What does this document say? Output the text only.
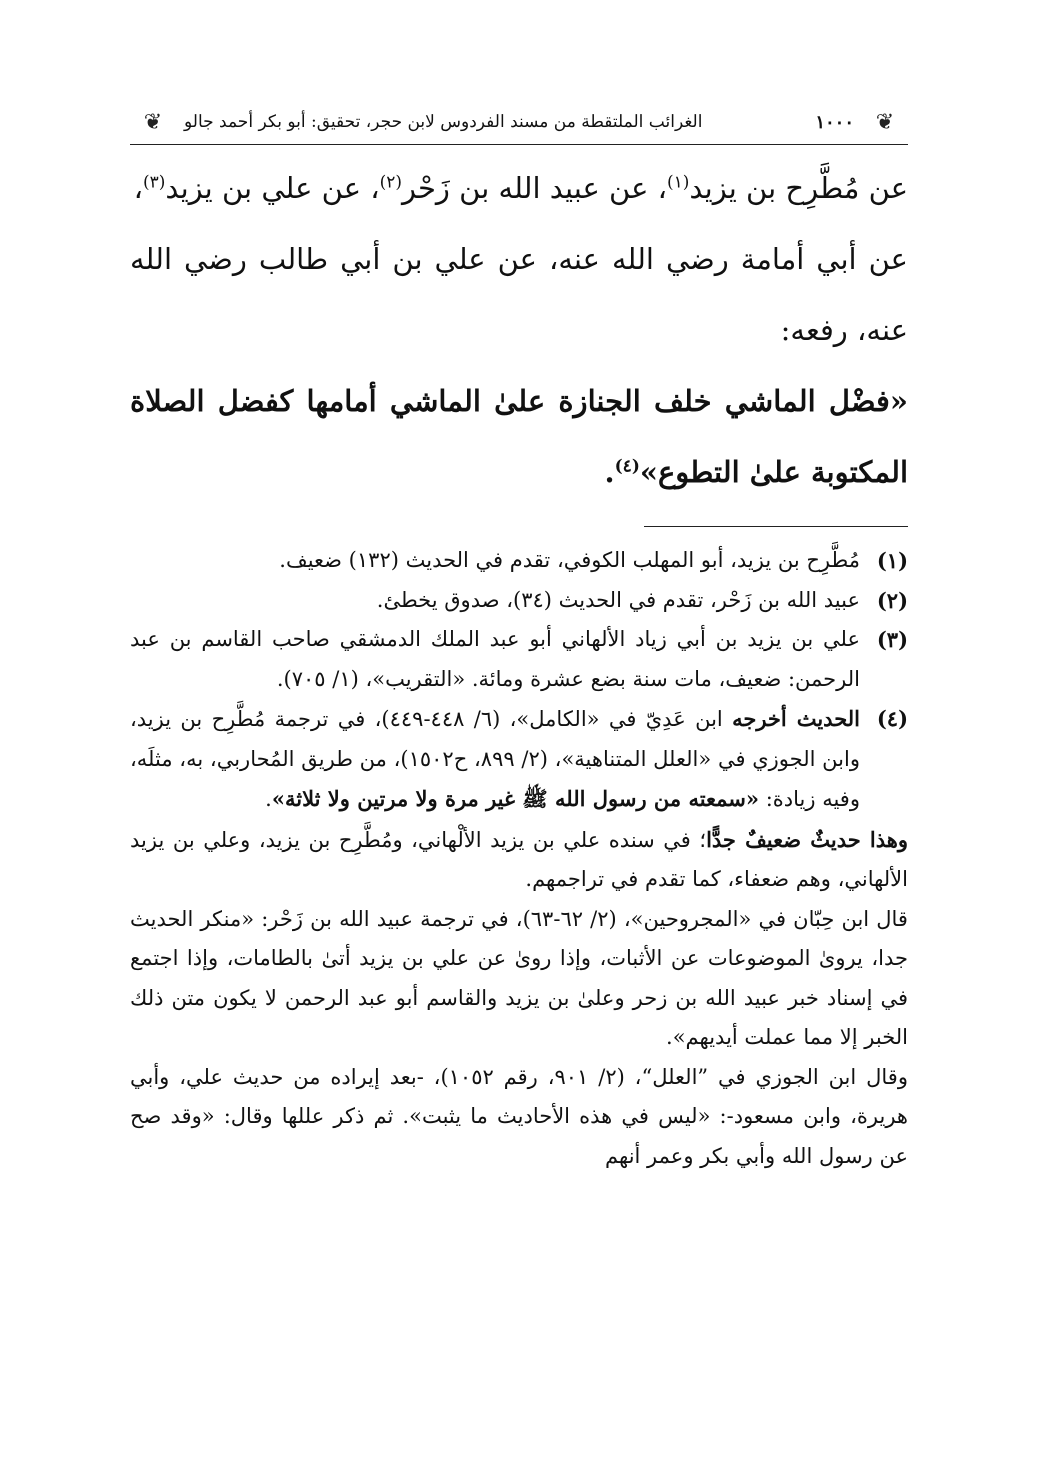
❦
١٠٠٠
الغرائب الملتقطة من مسند الفردوس لابن حجر، تحقيق: أبو بكر أحمد جالو
❦

عن مُطَّرِح بن يزيد$^{(١)}$، عن عبيد الله بن زَحْر$^{(٢)}$، عن علي بن يزيد$^{(٣)}$،

عن أبي أمامة رضي الله عنه، عن علي بن أبي طالب رضي الله عنه، رفعه:

«فضْل الماشي خلف الجنازة علىٰ الماشي أمامها كفضل الصلاة المكتوبة علىٰ التطوع»$^{(٤)}$.

(١)
مُطَّرِح بن يزيد، أبو المهلب الكوفي، تقدم في الحديث (١٣٢) ضعيف.
(٢)
عبيد الله بن زَحْر، تقدم في الحديث (٣٤)، صدوق يخطئ.
(٣)
علي بن يزيد بن أبي زياد الألهاني أبو عبد الملك الدمشقي صاحب القاسم بن عبد الرحمن: ضعيف، مات سنة بضع عشرة ومائة. «التقريب»، (١/ ٧٠٥).
(٤)
الحديث أخرجه ابن عَدِيّ في «الكامل»، (٦/ ٤٤٨-٤٤٩)، في ترجمة مُطَّرِح بن يزيد، وابن الجوزي في «العلل المتناهية»، (٢/ ٨٩٩، ح١٥٠٢)، من طريق المُحاربي، به، مثلَه، وفيه زيادة: «سمعته من رسول الله ﷺ غير مرة ولا مرتين ولا ثلاثة».

وهذا حديثٌ ضعيفٌ جدًّا؛ في سنده علي بن يزيد الألْهاني، ومُطَّرِح بن يزيد، وعلي بن يزيد الألهاني، وهم ضعفاء، كما تقدم في تراجمهم.

قال ابن حِبّان في «المجروحين»، (٢/ ٦٢-٦٣)، في ترجمة عبيد الله بن زَحْر: «منكر الحديث جدا، يروىٰ الموضوعات عن الأثبات، وإذا روىٰ عن علي بن يزيد أتىٰ بالطامات، وإذا اجتمع في إسناد خبر عبيد الله بن زحر وعلىٰ بن يزيد والقاسم أبو عبد الرحمن لا يكون متن ذلك الخبر إلا مما عملت أيديهم».

وقال ابن الجوزي في ”العلل“، (٢/ ٩٠١، رقم ١٠٥٢)، -بعد إيراده من حديث علي، وأبي هريرة، وابن مسعود-: «ليس في هذه الأحاديث ما يثبت». ثم ذكر عللها وقال: «وقد صح عن رسول الله وأبي بكر وعمر أنهم
